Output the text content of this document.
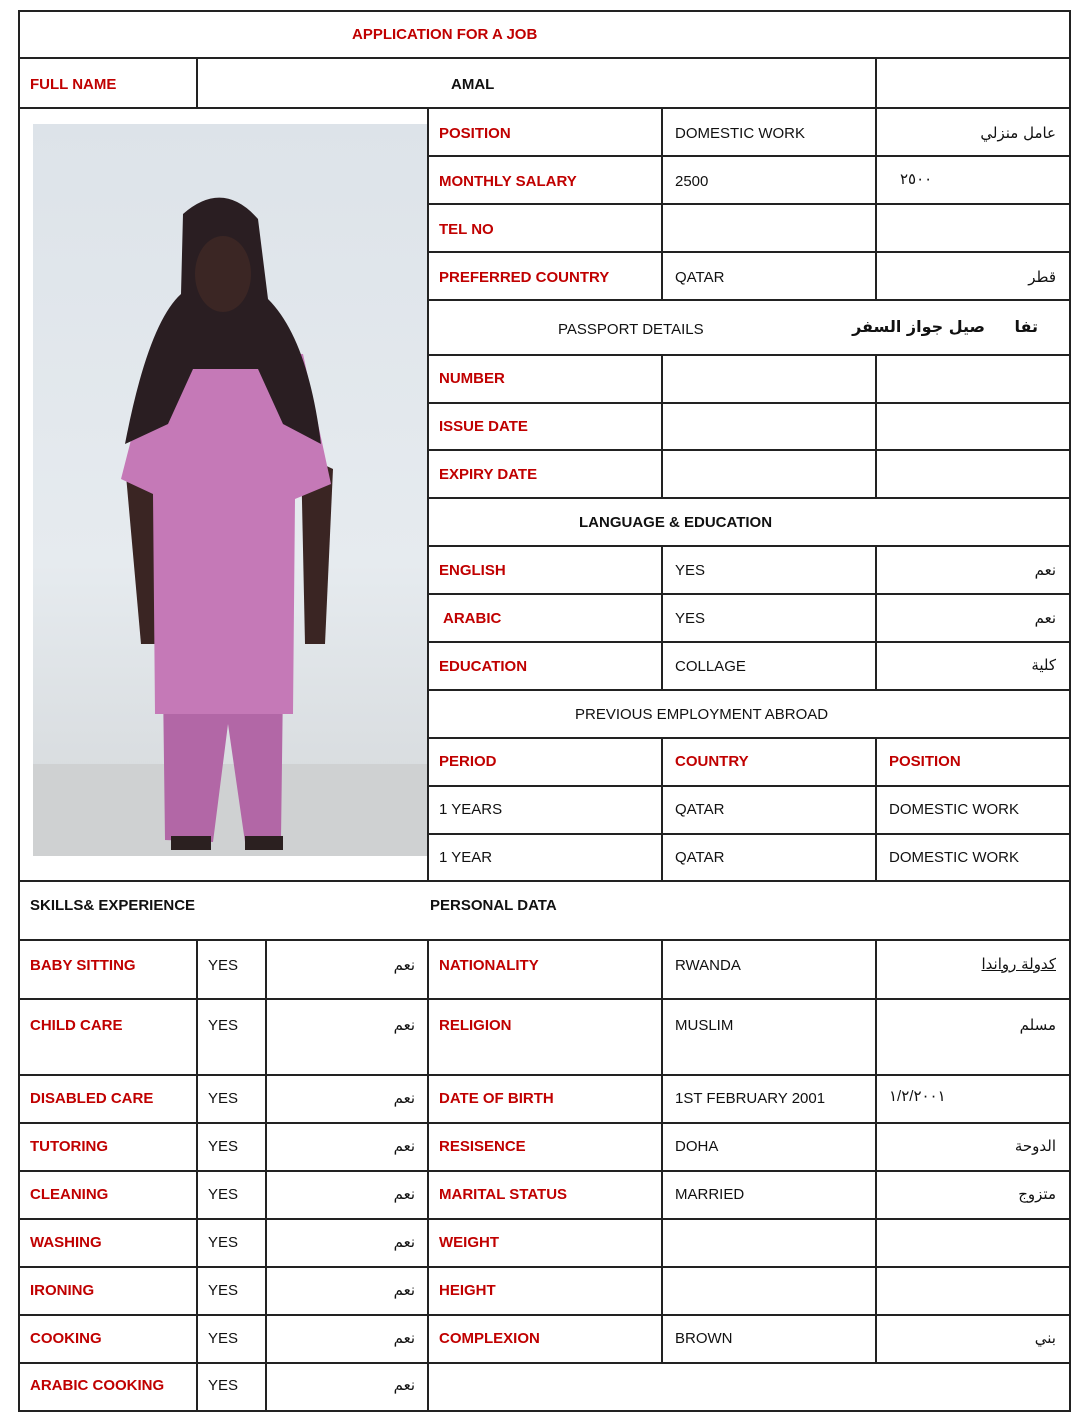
APPLICATION FOR A JOB
FULL NAME	AMAL
POSITION	DOMESTIC WORK	عامل منزلي
MONTHLY SALARY	2500	٢٥٠٠
TEL NO
PREFERRED COUNTRY	QATAR	قطر
PASSPORT DETAILS	صيل جواز السفر تفا
NUMBER
ISSUE DATE
EXPIRY DATE
LANGUAGE & EDUCATION
ENGLISH	YES	نعم
ARABIC	YES	نعم
EDUCATION	COLLAGE	كلية
PREVIOUS EMPLOYMENT ABROAD
PERIOD	COUNTRY	POSITION
1 YEARS	QATAR	DOMESTIC WORK
1 YEAR	QATAR	DOMESTIC WORK
SKILLS& EXPERIENCE	PERSONAL DATA
BABY SITTING	YES	نعم
CHILD CARE	YES	نعم
DISABLED CARE	YES	نعم
TUTORING	YES	نعم
CLEANING	YES	نعم
WASHING	YES	نعم
IRONING	YES	نعم
COOKING	YES	نعم
ARABIC COOKING	YES	نعم
NATIONALITY	RWANDA	كدولة رواندا
RELIGION	MUSLIM	مسلم
DATE OF BIRTH	1ST FEBRUARY 2001	١/٢/٢٠٠١
RESISENCE	DOHA	الدوحة
MARITAL STATUS	MARRIED	متزوج
WEIGHT
HEIGHT
COMPLEXION	BROWN	بني
